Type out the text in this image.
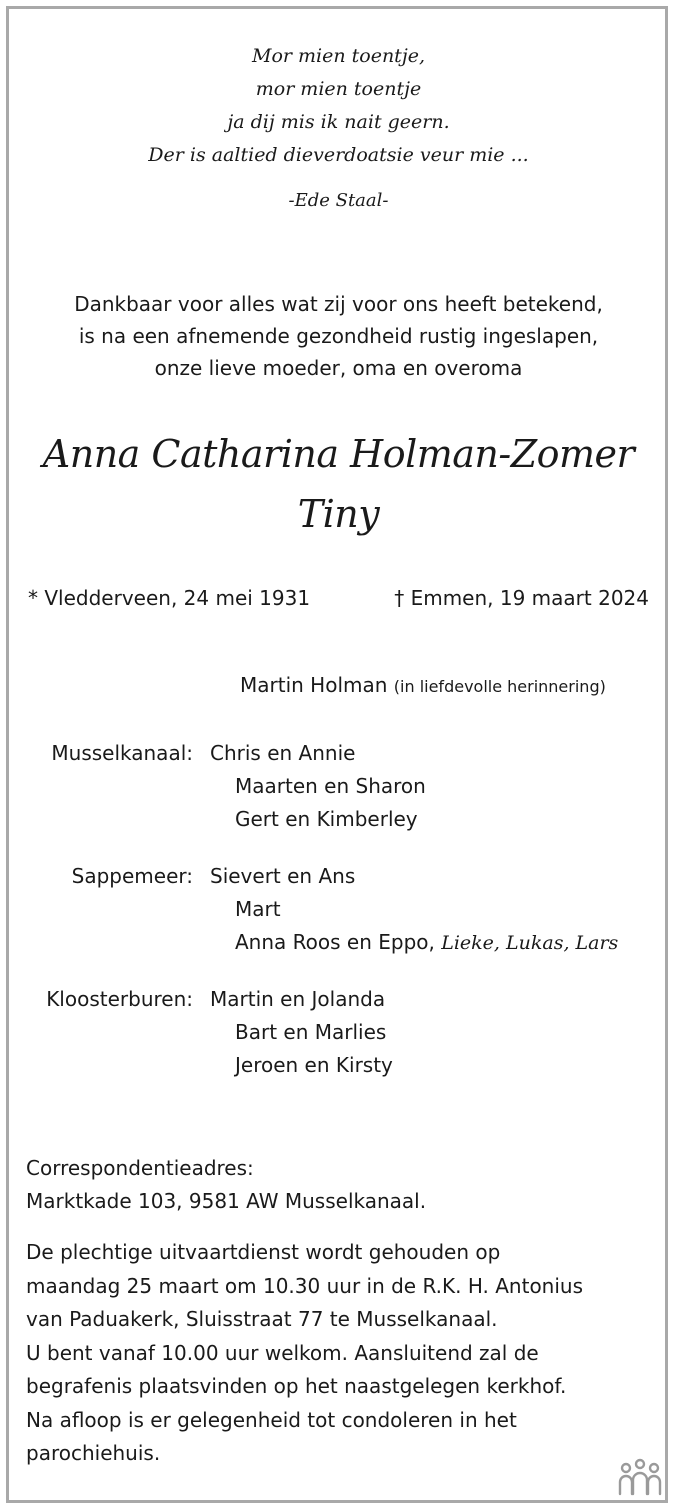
Mor mien toentje,
mor mien toentje
ja dij mis ik nait geern.
Der is aaltied dieverdoatsie veur mie ...
-Ede Staal-
Dankbaar voor alles wat zij voor ons heeft betekend,
is na een afnemende gezondheid rustig ingeslapen,
onze lieve moeder, oma en overoma
Anna Catharina Holman-Zomer
Tiny
* Vledderveen, 24 mei 1931	† Emmen, 19 maart 2024
Martin Holman (in liefdevolle herinnering)
Musselkanaal: Chris en Annie
Maarten en Sharon
Gert en Kimberley
Sappemeer: Sievert en Ans
Mart
Anna Roos en Eppo, Lieke, Lukas, Lars
Kloosterburen: Martin en Jolanda
Bart en Marlies
Jeroen en Kirsty
Correspondentieadres:
Marktkade 103, 9581 AW Musselkanaal.
De plechtige uitvaartdienst wordt gehouden op
maandag 25 maart om 10.30 uur in de R.K. H. Antonius
van Paduakerk, Sluisstraat 77 te Musselkanaal.
U bent vanaf 10.00 uur welkom. Aansluitend zal de
begrafenis plaatsvinden op het naastgelegen kerkhof.
Na afloop is er gelegenheid tot condoleren in het
parochiehuis.
